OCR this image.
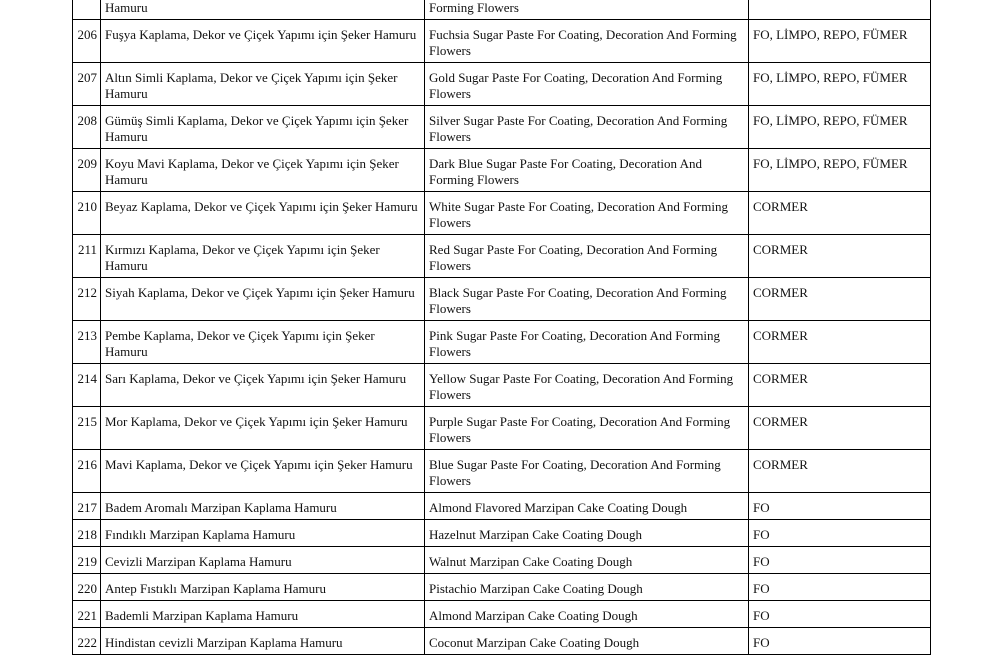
	Hamuru	Forming Flowers	
206	Fuşya Kaplama, Dekor ve Çiçek Yapımı için Şeker Hamuru	Fuchsia Sugar Paste For Coating, Decoration And Forming Flowers	FO, LİMPO, REPO, FÜMER
207	Altın Simli Kaplama, Dekor ve Çiçek Yapımı için Şeker Hamuru	Gold Sugar Paste For Coating, Decoration And Forming Flowers	FO, LİMPO, REPO, FÜMER
208	Gümüş Simli Kaplama, Dekor ve Çiçek Yapımı için Şeker Hamuru	Silver Sugar Paste For Coating, Decoration And Forming Flowers	FO, LİMPO, REPO, FÜMER
209	Koyu Mavi Kaplama, Dekor ve Çiçek Yapımı için Şeker Hamuru	Dark Blue Sugar Paste For Coating, Decoration And Forming Flowers	FO, LİMPO, REPO, FÜMER
210	Beyaz Kaplama, Dekor ve Çiçek Yapımı için Şeker Hamuru	White Sugar Paste For Coating, Decoration And Forming Flowers	CORMER
211	Kırmızı Kaplama, Dekor ve Çiçek Yapımı için Şeker Hamuru	Red Sugar Paste For Coating, Decoration And Forming Flowers	CORMER
212	Siyah Kaplama, Dekor ve Çiçek Yapımı için Şeker Hamuru	Black Sugar Paste For Coating, Decoration And Forming Flowers	CORMER
213	Pembe Kaplama, Dekor ve Çiçek Yapımı için Şeker Hamuru	Pink Sugar Paste For Coating, Decoration And Forming Flowers	CORMER
214	Sarı Kaplama, Dekor ve Çiçek Yapımı için Şeker Hamuru	Yellow Sugar Paste For Coating, Decoration And Forming Flowers	CORMER
215	Mor Kaplama, Dekor ve Çiçek Yapımı için Şeker Hamuru	Purple Sugar Paste For Coating, Decoration And Forming Flowers	CORMER
216	Mavi Kaplama, Dekor ve Çiçek Yapımı için Şeker Hamuru	Blue Sugar Paste For Coating, Decoration And Forming Flowers	CORMER
217	Badem Aromalı Marzipan Kaplama Hamuru	Almond Flavored Marzipan Cake Coating Dough	FO
218	Fındıklı Marzipan Kaplama Hamuru	Hazelnut Marzipan Cake Coating Dough	FO
219	Cevizli Marzipan Kaplama Hamuru	Walnut Marzipan Cake Coating Dough	FO
220	Antep Fıstıklı Marzipan Kaplama Hamuru	Pistachio Marzipan Cake Coating Dough	FO
221	Bademli Marzipan Kaplama Hamuru	Almond Marzipan Cake Coating Dough	FO
222	Hindistan cevizli Marzipan Kaplama Hamuru	Coconut Marzipan Cake Coating Dough	FO
